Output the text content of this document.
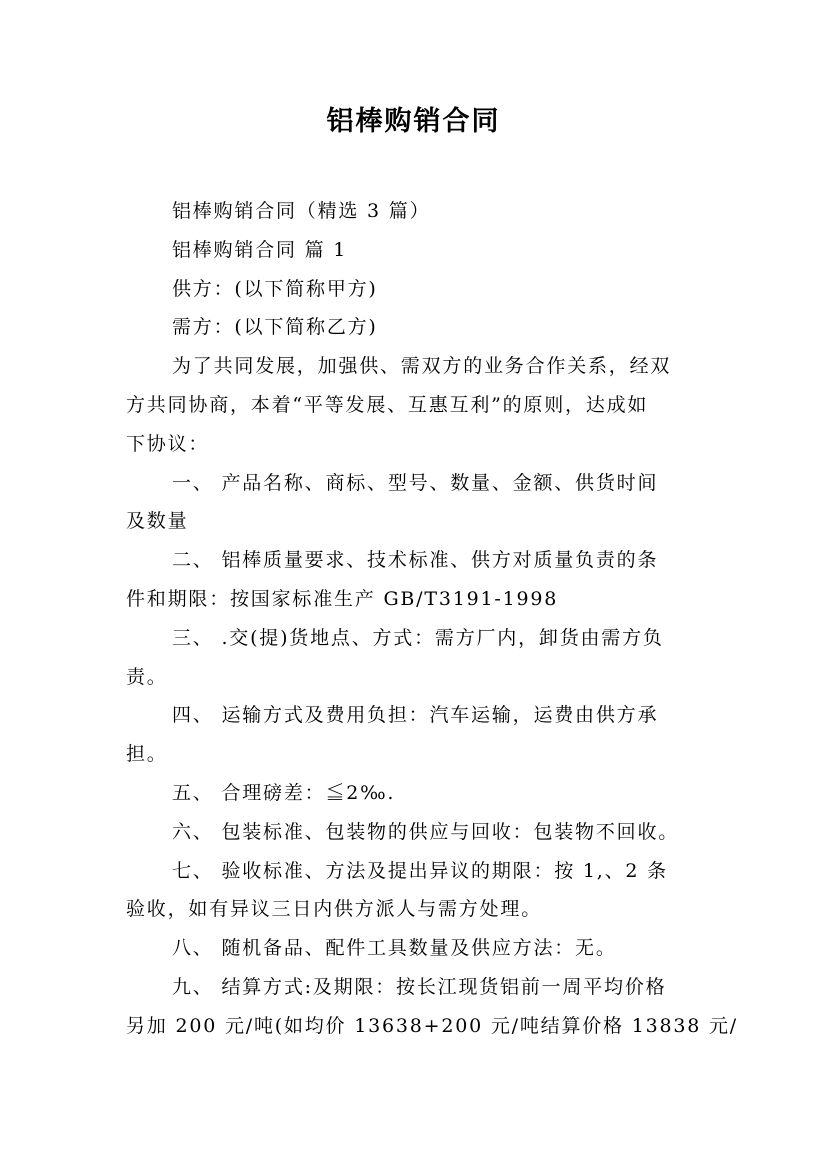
铝棒购销合同
铝棒购销合同（精选 3 篇）
铝棒购销合同 篇 1
供方：(以下简称甲方)
需方：(以下简称乙方)
为了共同发展，加强供、需双方的业务合作关系，经双
方共同协商，本着“平等发展、互惠互利”的原则，达成如
下协议：
一、 产品名称、商标、型号、数量、金额、供货时间
及数量
二、 铝棒质量要求、技术标准、供方对质量负责的条
件和期限：按国家标准生产 GB/T3191-1998
三、 .交(提)货地点、方式：需方厂内，卸货由需方负
责。
四、 运输方式及费用负担：汽车运输，运费由供方承
担。
五、 合理磅差：≦2‰.
六、 包装标准、包装物的供应与回收：包装物不回收。
七、 验收标准、方法及提出异议的期限：按 1,、2 条
验收，如有异议三日内供方派人与需方处理。
八、 随机备品、配件工具数量及供应方法：无。
九、 结算方式:及期限：按长江现货铝前一周平均价格
另加 200 元/吨(如均价 13638+200 元/吨结算价格 13838 元/
